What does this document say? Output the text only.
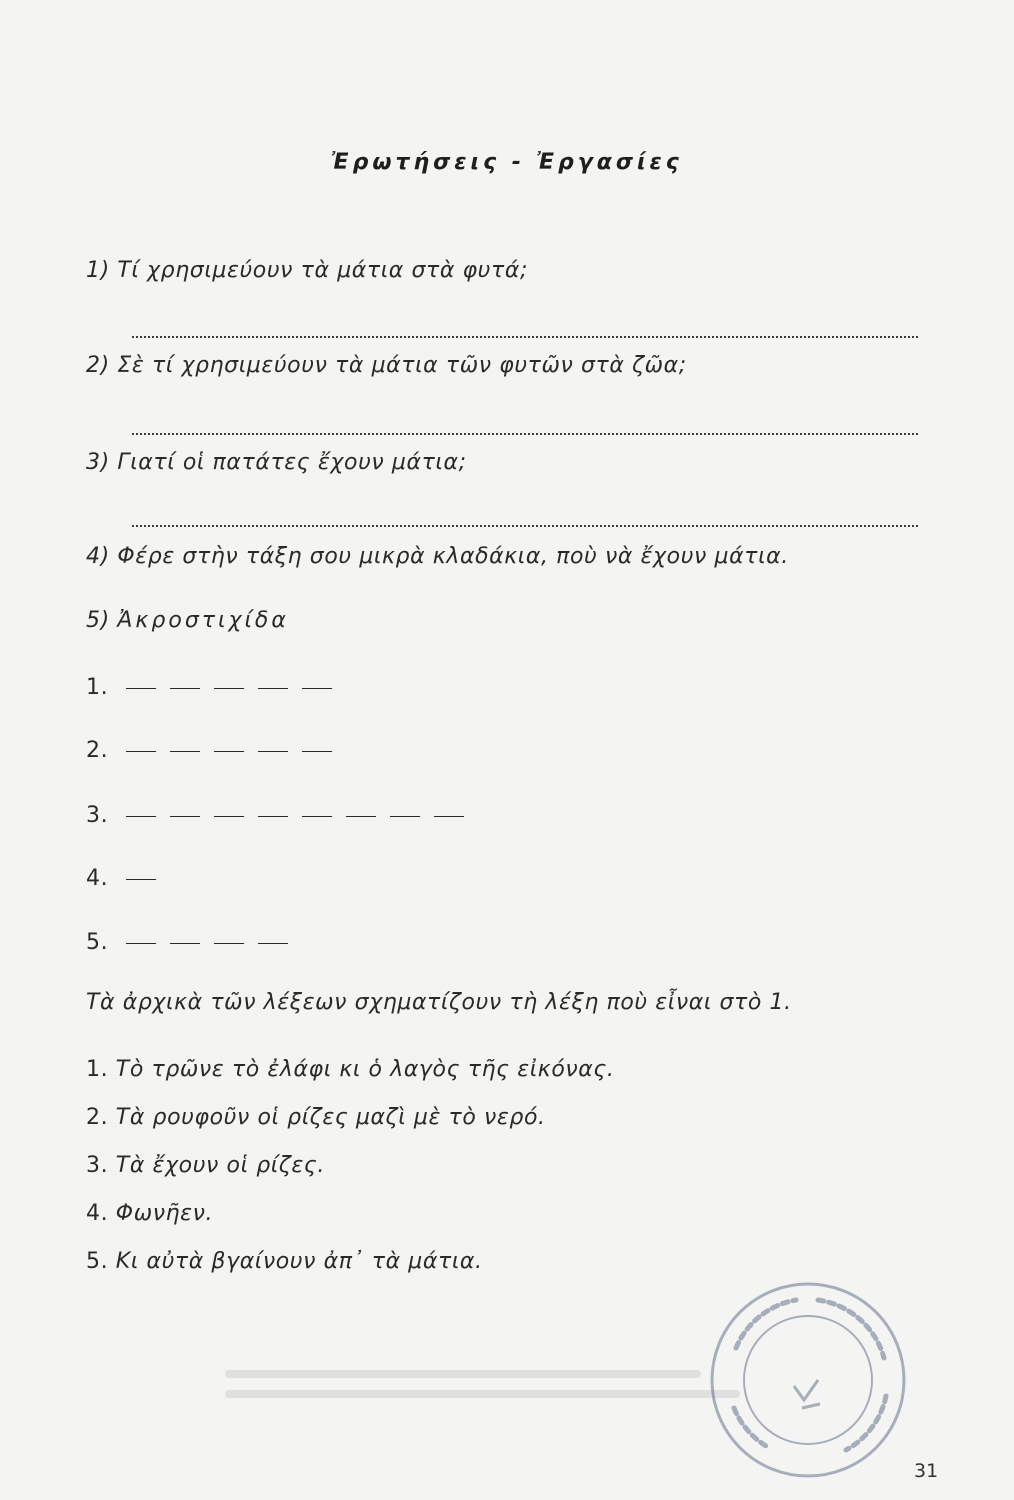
Ἐρωτήσεις - Ἐργασίες
1) Τί χρησιμεύουν τὰ μάτια στὰ φυτά;
2) Σὲ τί χρησιμεύουν τὰ μάτια τῶν φυτῶν στὰ ζῶα;
3) Γιατί οἱ πατάτες ἔχουν μάτια;
4) Φέρε στὴν τάξη σου μικρὰ κλαδάκια, ποὺ νὰ ἔχουν μάτια.
5) Ἀκροστιχίδα
1.
2.
3.
4.
5.
Τὰ ἀρχικὰ τῶν λέξεων σχηματίζουν τὴ λέξη ποὺ εἶναι στὸ 1.
1. Τὸ τρῶνε τὸ ἐλάφι κι ὁ λαγὸς τῆς εἰκόνας.
2. Τὰ ρουφοῦν οἱ ρίζες μαζὶ μὲ τὸ νερό.
3. Τὰ ἔχουν οἱ ρίζες.
4. Φωνῆεν.
5. Κι αὐτὰ βγαίνουν ἀπ᾽ τὰ μάτια.
31
